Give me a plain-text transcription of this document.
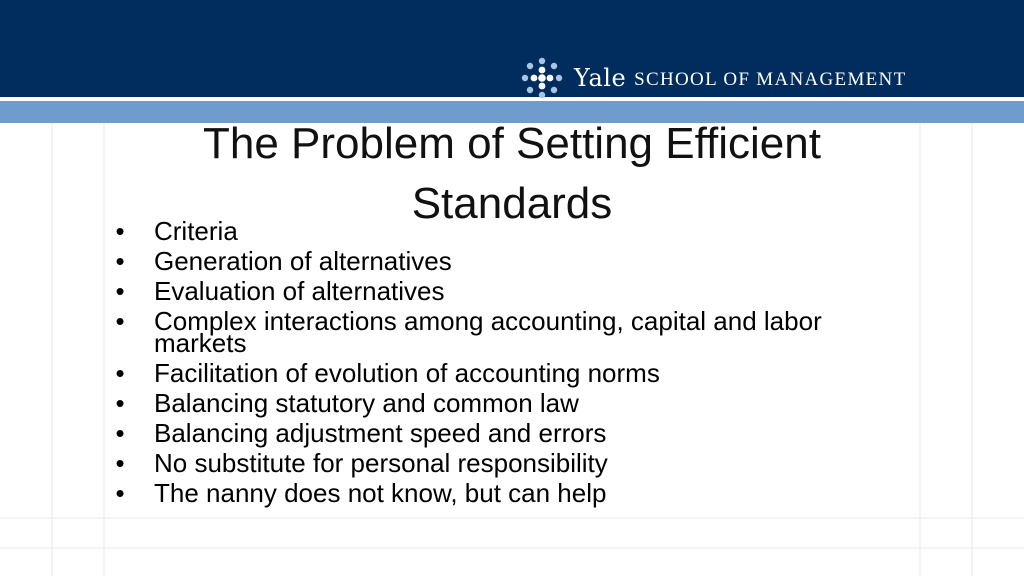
Yale SCHOOL OF MANAGEMENT
The Problem of Setting Efficient Standards
• Criteria
• Generation of alternatives
• Evaluation of alternatives
• Complex interactions among accounting, capital and labor markets
• Facilitation of evolution of accounting norms
• Balancing statutory and common law
• Balancing adjustment speed and errors
• No substitute for personal responsibility
• The nanny does not know, but can help
